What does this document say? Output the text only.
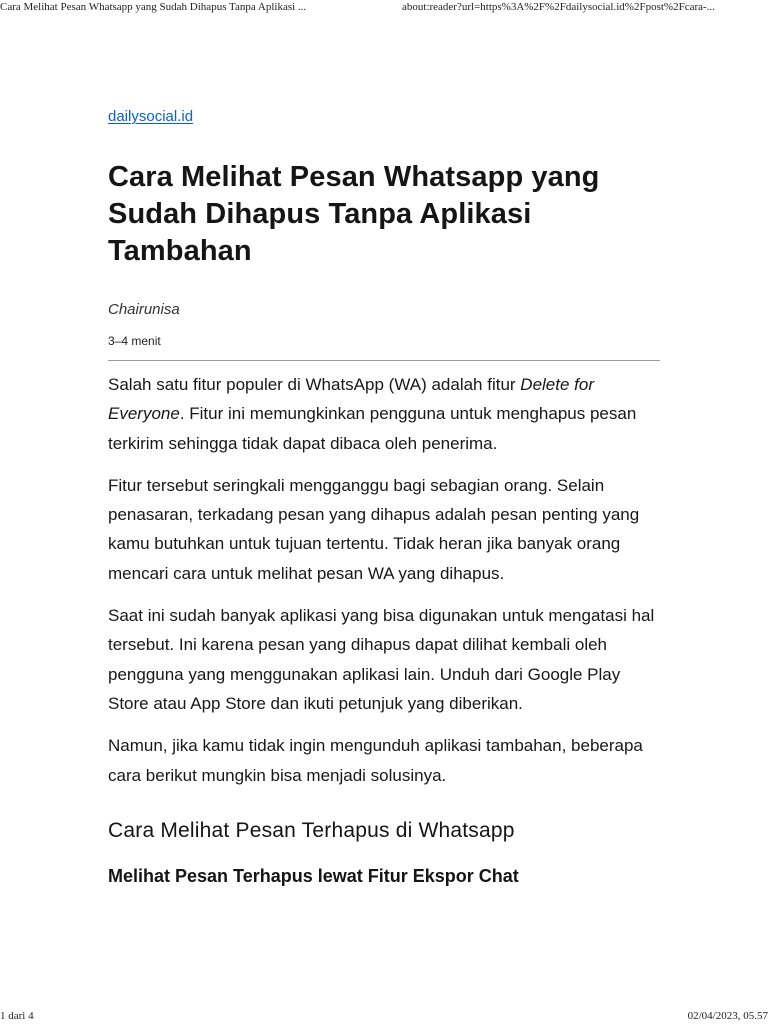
Cara Melihat Pesan Whatsapp yang Sudah Dihapus Tanpa Aplikasi ...	about:reader?url=https%3A%2F%2Fdailysocial.id%2Fpost%2Fcara-...
dailysocial.id
Cara Melihat Pesan Whatsapp yang Sudah Dihapus Tanpa Aplikasi Tambahan
Chairunisa
3–4 menit

Salah satu fitur populer di WhatsApp (WA) adalah fitur Delete for Everyone. Fitur ini memungkinkan pengguna untuk menghapus pesan terkirim sehingga tidak dapat dibaca oleh penerima.

Fitur tersebut seringkali mengganggu bagi sebagian orang. Selain penasaran, terkadang pesan yang dihapus adalah pesan penting yang kamu butuhkan untuk tujuan tertentu. Tidak heran jika banyak orang mencari cara untuk melihat pesan WA yang dihapus.

Saat ini sudah banyak aplikasi yang bisa digunakan untuk mengatasi hal tersebut. Ini karena pesan yang dihapus dapat dilihat kembali oleh pengguna yang menggunakan aplikasi lain. Unduh dari Google Play Store atau App Store dan ikuti petunjuk yang diberikan.

Namun, jika kamu tidak ingin mengunduh aplikasi tambahan, beberapa cara berikut mungkin bisa menjadi solusinya.

Cara Melihat Pesan Terhapus di Whatsapp
Melihat Pesan Terhapus lewat Fitur Ekspor Chat
1 dari 4	02/04/2023, 05.57
